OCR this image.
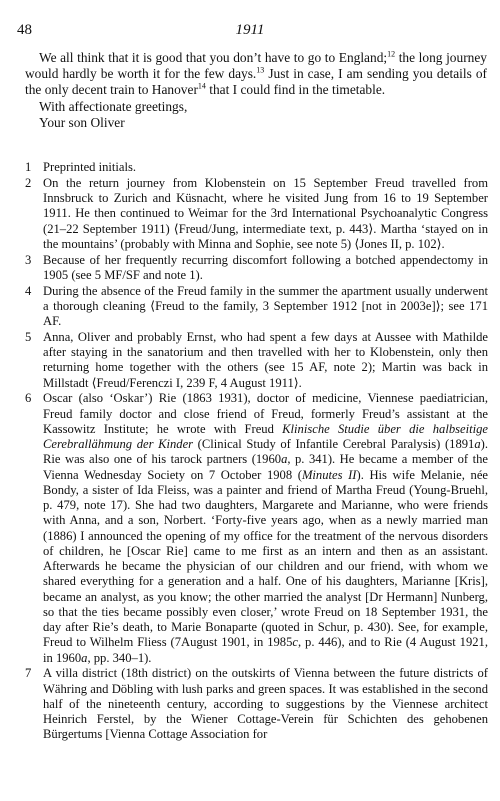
48	1911

We all think that it is good that you don’t have to go to England;$^{12}$ the long journey would hardly be worth it for the few days.$^{13}$ Just in case, I am sending you details of the only decent train to Hanover$^{14}$ that I could find in the timetable.

With affectionate greetings,
Your son Oliver
1 Preprinted initials.
2 On the return journey from Klobenstein on 15 September Freud travelled from Innsbruck to Zurich and Küsnacht, where he visited Jung from 16 to 19 September 1911. He then continued to Weimar for the 3rd International Psychoanalytic Congress (21–22 September 1911) ⟨Freud/Jung, intermediate text, p. 443⟩. Martha ‘stayed on in the mountains’ (probably with Minna and Sophie, see note 5) ⟨Jones II, p. 102⟩.
3 Because of her frequently recurring discomfort following a botched appendectomy in 1905 (see 5 MF/SF and note 1).
4 During the absence of the Freud family in the summer the apartment usually underwent a thorough cleaning ⟨Freud to the family, 3 September 1912 [not in 2003e]⟩; see 171 AF.
5 Anna, Oliver and probably Ernst, who had spent a few days at Aussee with Mathilde after staying in the sanatorium and then travelled with her to Klobenstein, only then returning home together with the others (see 15 AF, note 2); Martin was back in Millstadt ⟨Freud/Ferenczi I, 239 F, 4 August 1911⟩.
6 Oscar (also ‘Oskar’) Rie (1863 1931), doctor of medicine, Viennese paediatrician, Freud family doctor and close friend of Freud, formerly Freud’s assistant at the Kassowitz Institute; he wrote with Freud Klinische Studie über die halbseitige Cerebrallähmung der Kinder (Clinical Study of Infantile Cerebral Paralysis) (1891a). Rie was also one of his tarock partners (1960a, p. 341). He became a member of the Vienna Wednesday Society on 7 October 1908 (Minutes II). His wife Melanie, née Bondy, a sister of Ida Fleiss, was a painter and friend of Martha Freud (Young-Bruehl, p. 479, note 17). She had two daughters, Margarete and Marianne, who were friends with Anna, and a son, Norbert. ‘Forty-five years ago, when as a newly married man (1886) I announced the opening of my office for the treatment of the nervous disorders of children, he [Oscar Rie] came to me first as an intern and then as an assistant. Afterwards he became the physician of our children and our friend, with whom we shared everything for a generation and a half. One of his daughters, Marianne [Kris], became an analyst, as you know; the other married the analyst [Dr Hermann] Nunberg, so that the ties became possibly even closer,’ wrote Freud on 18 September 1931, the day after Rie’s death, to Marie Bonaparte (quoted in Schur, p. 430). See, for example, Freud to Wilhelm Fliess (7August 1901, in 1985c, p. 446), and to Rie (4 August 1921, in 1960a, pp. 340–1).
7 A villa district (18th district) on the outskirts of Vienna between the future districts of Währing and Döbling with lush parks and green spaces. It was established in the second half of the nineteenth century, according to suggestions by the Viennese architect Heinrich Ferstel, by the Wiener Cottage-Verein für Schichten des gehobenen Bürgertums [Vienna Cottage Association for
